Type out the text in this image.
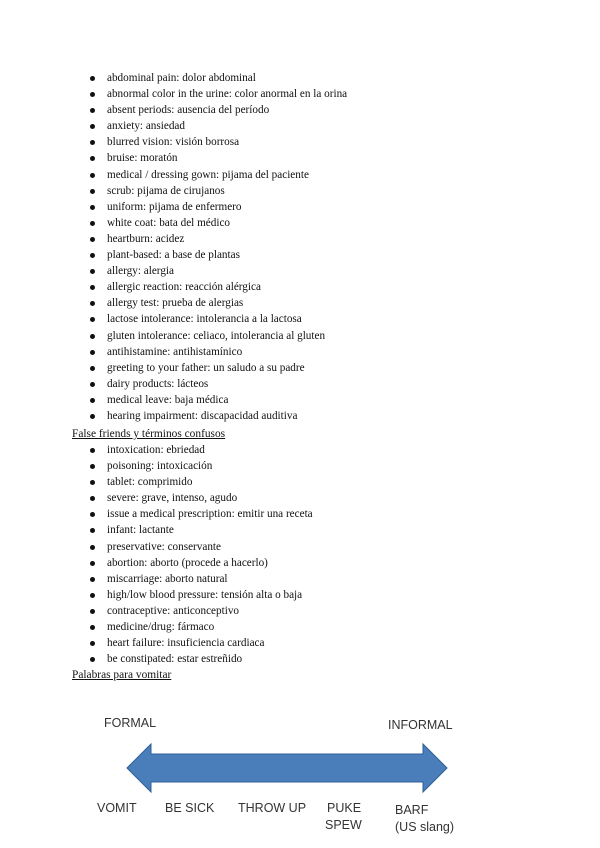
abdominal pain: dolor abdominal
abnormal color in the urine: color anormal en la orina
absent periods: ausencia del período
anxiety: ansiedad
blurred vision: visión borrosa
bruise: moratón
medical / dressing gown: pijama del paciente
scrub: pijama de cirujanos
uniform: pijama de enfermero
white coat: bata del médico
heartburn: acidez
plant-based: a base de plantas
allergy: alergia
allergic reaction: reacción alérgica
allergy test: prueba de alergias
lactose intolerance: intolerancia a la lactosa
gluten intolerance: celiaco, intolerancia al gluten
antihistamine: antihistamínico
greeting to your father: un saludo a su padre
dairy products: lácteos
medical leave: baja médica
hearing impairment: discapacidad auditiva
False friends y términos confusos
intoxication: ebriedad
poisoning: intoxicación
tablet: comprimido
severe: grave, intenso, agudo
issue a medical prescription: emitir una receta
infant: lactante
preservative: conservante
abortion: aborto (procede a hacerlo)
miscarriage: aborto natural
high/low blood pressure: tensión alta o baja
contraceptive: anticonceptivo
medicine/drug: fármaco
heart failure: insuficiencia cardiaca
be constipated: estar estreñido
Palabras para vomitar
FORMAL	INFORMAL
VOMIT BE SICK THROW UP PUKE
SPEW
BARF
(US slang)
